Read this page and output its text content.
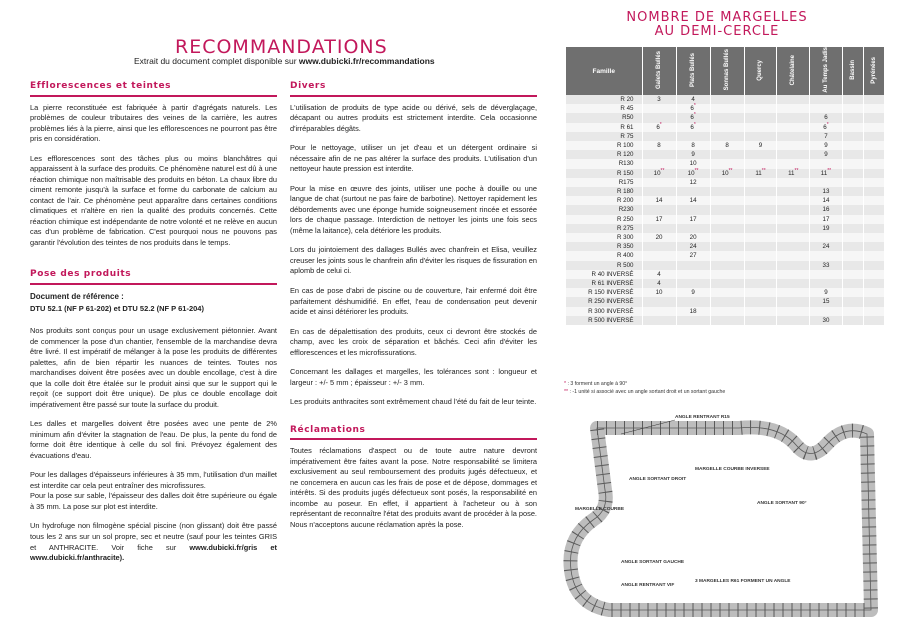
RECOMMANDATIONS
Extrait du document complet disponible sur www.dubicki.fr/recommandations
Efflorescences et teintes

La pierre reconstituée est fabriquée à partir d'agrégats naturels. Les problèmes de couleur tributaires des veines de la carrière, les autres problèmes liés à la pierre, ainsi que les efflorescences ne pourront pas être pris en considération.

Les efflorescences sont des tâches plus ou moins blanchâtres qui apparaissent à la surface des produits. Ce phénomène naturel est dû à une réaction chimique non maîtrisable des produits en béton. La chaux libre du ciment remonte jusqu'à la surface et forme du carbonate de calcium au contact de l'air. Ce phénomène peut apparaître dans certaines conditions climatiques et n'altère en rien la qualité des produits concernés. Cette réaction chimique est indépendante de notre volonté et ne relève en aucun cas d'un problème de fabrication. C'est pourquoi nous ne pouvons pas garantir l'évolution des teintes de nos produits dans le temps.

Pose des produits
Document de référence :
DTU 52.1 (NF P 61-202) et DTU 52.2 (NF P 61-204)

Nos produits sont conçus pour un usage exclusivement piétonnier. Avant de commencer la pose d'un chantier, l'ensemble de la marchandise devra être livré. Il est impératif de mélanger à la pose les produits de différentes palettes, afin de bien répartir les nuances de teintes. Toutes nos marchandises doivent être posées avec un double encollage, c'est à dire que la colle doit être étalée sur le produit ainsi que sur le support qui le reçoit (ce support doit être unique). De plus ce double encollage doit impérativement être passé sur toute la surface du produit.

Les dalles et margelles doivent être posées avec une pente de 2% minimum afin d'éviter la stagnation de l'eau. De plus, la pente du fond de forme doit être identique à celle du sol fini. Prévoyez également des évacuations d'eau.

Pour les dallages d'épaisseurs inférieures à 35 mm, l'utilisation d'un maillet est interdite car cela peut entraîner des microfissures.

Pour la pose sur sable, l'épaisseur des dalles doit être supérieure ou égale à 35 mm. La pose sur plot est interdite.

Un hydrofuge non filmogène spécial piscine (non glissant) doit être passé tous les 2 ans sur un sol propre, sec et neutre (sauf pour les teintes GRIS et ANTHRACITE. Voir fiche sur www.dubicki.fr/gris et www.dubicki.fr/anthracite).

Divers

L'utilisation de produits de type acide ou dérivé, sels de déverglaçage, décapant ou autres produits est strictement interdite. Cela occasionne d'irréparables dégâts.

Pour le nettoyage, utiliser un jet d'eau et un détergent ordinaire si nécessaire afin de ne pas altérer la surface des produits. L'utilisation d'un nettoyeur haute pression est interdite.

Pour la mise en œuvre des joints, utiliser une poche à douille ou une langue de chat (surtout ne pas faire de barbotine). Nettoyer rapidement les débordements avec une éponge humide soigneusement rincée et essorée lors de chaque passage. Interdiction de nettoyer les joints une fois secs (même la laitance), cela détériore les produits.

Lors du jointoiement des dallages Bullés avec chanfrein et Elisa, veuillez creuser les joints sous le chanfrein afin d'éviter les risques de fissuration en aplomb de celui ci.

En cas de pose d'abri de piscine ou de couverture, l'air enfermé doit être parfaitement déshumidifié. En effet, l'eau de condensation peut devenir acide et ainsi détériorer les produits.

En cas de dépalettisation des produits, ceux ci devront être stockés de champ, avec les croix de séparation et bâchés. Ceci afin d'éviter les efflorescences et les microfissurations.

Concernant les dallages et margelles, les tolérances sont : longueur et largeur : +/- 5 mm ; épaisseur : +/- 3 mm.

Les produits anthracites sont extrêmement chaud l'été du fait de leur teinte.

Réclamations

Toutes réclamations d'aspect ou de toute autre nature devront impérativement être faites avant la pose. Notre responsabilité se limitera exclusivement au seul remboursement des produits jugés défectueux, et ne concernera en aucun cas les frais de pose et de dépose, dommages et intérêts. Si des produits jugés défectueux sont posés, la responsabilité en incombe au poseur. En effet, il appartient à l'acheteur ou à son représentant de reconnaître l'état des produits avant de procéder à la pose. Nous n'acceptons aucune réclamation après la pose.

NOMBRE DE MARGELLES
AU DEMI-CERCLE
Famille	Galets Bullés	Plats Bullés	Sonnas Bullés	Quercy	Châtelaine	Au Temps Jadis	Bassin	Pyrénées
R 20	3	4						
R 45		6*						
R50		6*				6		
R 61	6*	6*				6*		
R 75						7		
R 100	8	8	8	9		9		
R 120		9				9		
R130		10						
R 150	10**	10**	10**	11**	11**	11**		
R175		12						
R 180						13		
R 200	14	14				14		
R230						16		
R 250	17	17				17		
R 275						19		
R 300	20	20						
R 350		24				24		
R 400		27						
R 500						33		
R 40 INVERSÉ	4							
R 61 INVERSÉ	4							
R 150 INVERSÉ	10	9				9		
R 250 INVERSÉ						15		
R 300 INVERSÉ		18						
R 500 INVERSÉ						30		
* : 3 forment un angle à 90°
** : -1 unité si associé avec un angle sortant droit et un sortant gauche
ANGLE RENTRANT R15
MARGELLE COURBE INVERSEE
ANGLE SORTANT DROIT
ANGLE SORTANT 90°
MARGELLE COURBE
ANGLE SORTANT GAUCHE
ANGLE RENTRANT VIF
3 MARGELLES R61 FORMENT UN ANGLE
